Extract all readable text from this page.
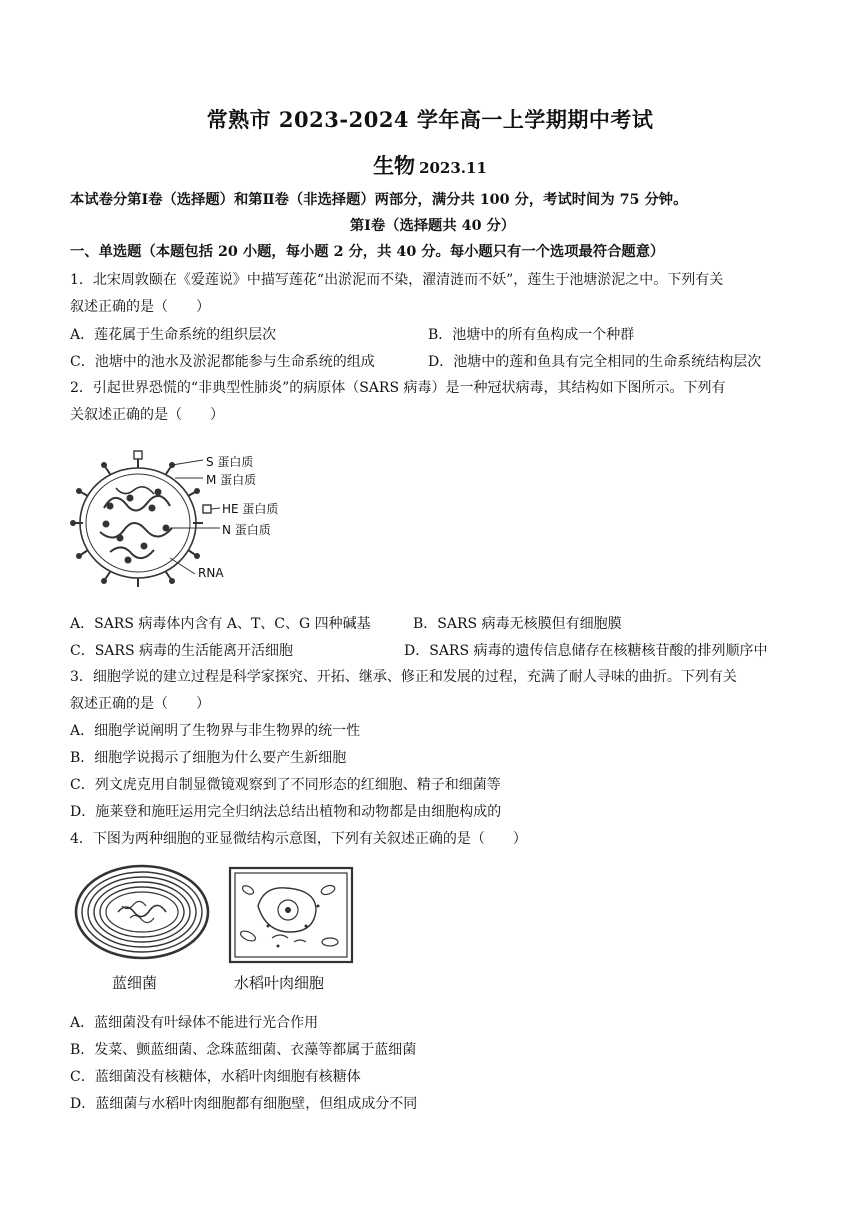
常熟市 2023-2024 学年高一上学期期中考试
生物 2023.11
本试卷分第Ⅰ卷（选择题）和第Ⅱ卷（非选择题）两部分，满分共 100 分，考试时间为 75 分钟。
第Ⅰ卷（选择题共 40 分）
一、单选题（本题包括 20 小题，每小题 2 分，共 40 分。每小题只有一个选项最符合题意）
1．北宋周敦颐在《爱莲说》中描写莲花“出淤泥而不染，濯清涟而不妖”，莲生于池塘淤泥之中。下列有关
叙述正确的是（　　）
A．莲花属于生命系统的组织层次	B．池塘中的所有鱼构成一个种群
C．池塘中的池水及淤泥都能参与生命系统的组成	D．池塘中的莲和鱼具有完全相同的生命系统结构层次
2．引起世界恐慌的“非典型性肺炎”的病原体（SARS 病毒）是一种冠状病毒，其结构如下图所示。下列有
关叙述正确的是（　　）
S 蛋白质
M 蛋白质
HE 蛋白质
N 蛋白质
RNA
A．SARS 病毒体内含有 A、T、C、G 四种碱基	B．SARS 病毒无核膜但有细胞膜
C．SARS 病毒的生活能离开活细胞	D．SARS 病毒的遗传信息储存在核糖核苷酸的排列顺序中
3．细胞学说的建立过程是科学家探究、开拓、继承、修正和发展的过程，充满了耐人寻味的曲折。下列有关
叙述正确的是（　　）
A．细胞学说阐明了生物界与非生物界的统一性
B．细胞学说揭示了细胞为什么要产生新细胞
C．列文虎克用自制显微镜观察到了不同形态的红细胞、精子和细菌等
D．施莱登和施旺运用完全归纳法总结出植物和动物都是由细胞构成的
4．下图为两种细胞的亚显微结构示意图，下列有关叙述正确的是（　　）
蓝细菌	水稻叶肉细胞
A．蓝细菌没有叶绿体不能进行光合作用
B．发菜、颤蓝细菌、念珠蓝细菌、衣藻等都属于蓝细菌
C．蓝细菌没有核糖体，水稻叶肉细胞有核糖体
D．蓝细菌与水稻叶肉细胞都有细胞壁，但组成成分不同
